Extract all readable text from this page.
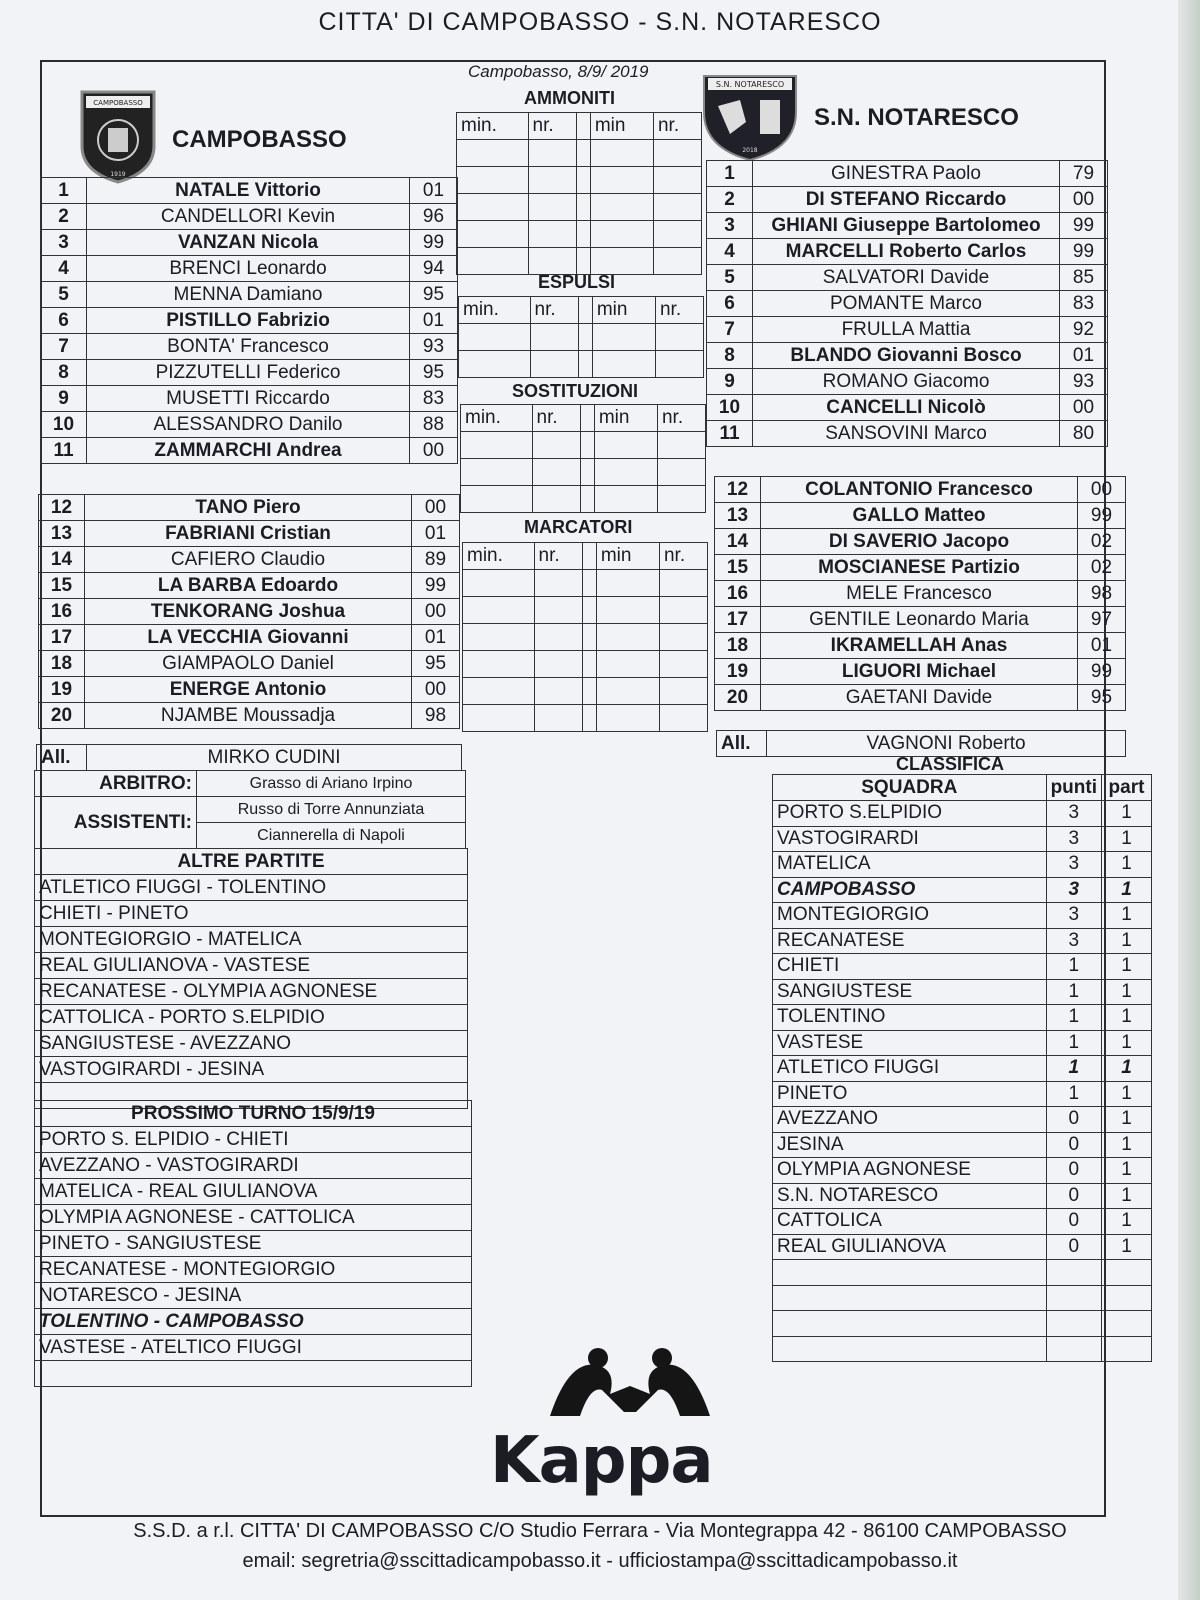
CITTA' DI CAMPOBASSO - S.N. NOTARESCO
Campobasso, 8/9/ 2019
CAMPOBASSO
1919
CAMPOBASSO
S.N. NOTARESCO
2018
S.N. NOTARESCO
1	NATALE Vittorio	01
2	CANDELLORI Kevin	96
3	VANZAN Nicola	99
4	BRENCI Leonardo	94
5	MENNA Damiano	95
6	PISTILLO Fabrizio	01
7	BONTA' Francesco	93
8	PIZZUTELLI Federico	95
9	MUSETTI Riccardo	83
10	ALESSANDRO Danilo	88
11	ZAMMARCHI Andrea	00
12	TANO Piero	00
13	FABRIANI Cristian	01
14	CAFIERO Claudio	89
15	LA BARBA Edoardo	99
16	TENKORANG Joshua	00
17	LA VECCHIA Giovanni	01
18	GIAMPAOLO Daniel	95
19	ENERGE Antonio	00
20	NJAMBE Moussadja	98
All.	MIRKO CUDINI
AMMONITI
ESPULSI
SOSTITUZIONI
MARCATORI
min.	nr.		min	nr.

min.	nr.		min	nr.

min.	nr.		min	nr.

min.	nr.		min	nr.

1	GINESTRA Paolo	79
2	DI STEFANO Riccardo	00
3	GHIANI Giuseppe Bartolomeo	99
4	MARCELLI Roberto Carlos	99
5	SALVATORI Davide	85
6	POMANTE Marco	83
7	FRULLA Mattia	92
8	BLANDO Giovanni Bosco	01
9	ROMANO Giacomo	93
10	CANCELLI Nicolò	00
11	SANSOVINI Marco	80
12	COLANTONIO Francesco	00
13	GALLO Matteo	99
14	DI SAVERIO Jacopo	02
15	MOSCIANESE Partizio	02
16	MELE Francesco	98
17	GENTILE Leonardo Maria	97
18	IKRAMELLAH Anas	01
19	LIGUORI Michael	99
20	GAETANI Davide	95
All.	VAGNONI Roberto
ARBITRO:	Grasso di Ariano Irpino
ASSISTENTI:	Russo di Torre Annunziata
	Ciannerella di Napoli
ALTRE PARTITE
ATLETICO FIUGGI - TOLENTINO
CHIETI - PINETO
MONTEGIORGIO - MATELICA
REAL GIULIANOVA - VASTESE
RECANATESE - OLYMPIA AGNONESE
CATTOLICA - PORTO S.ELPIDIO
SANGIUSTESE - AVEZZANO
VASTOGIRARDI - JESINA

PROSSIMO TURNO 15/9/19
PORTO S. ELPIDIO - CHIETI
AVEZZANO - VASTOGIRARDI
MATELICA - REAL GIULIANOVA
OLYMPIA AGNONESE - CATTOLICA
PINETO - SANGIUSTESE
RECANATESE - MONTEGIORGIO
NOTARESCO - JESINA
TOLENTINO - CAMPOBASSO
VASTESE - ATELTICO FIUGGI

CLASSIFICA
SQUADRA	punti	part
PORTO S.ELPIDIO	3	1
VASTOGIRARDI	3	1
MATELICA	3	1
CAMPOBASSO	3	1
MONTEGIORGIO	3	1
RECANATESE	3	1
CHIETI	1	1
SANGIUSTESE	1	1
TOLENTINO	1	1
VASTESE	1	1
ATLETICO FIUGGI	1	1
PINETO	1	1
AVEZZANO	0	1
JESINA	0	1
OLYMPIA AGNONESE	0	1
S.N. NOTARESCO	0	1
CATTOLICA	0	1
REAL GIULIANOVA	0	1

Kappa
S.S.D. a r.l. CITTA' DI CAMPOBASSO C/O Studio Ferrara - Via Montegrappa 42 - 86100 CAMPOBASSO
email: segretria@sscittadicampobasso.it - ufficiostampa@sscittadicampobasso.it
